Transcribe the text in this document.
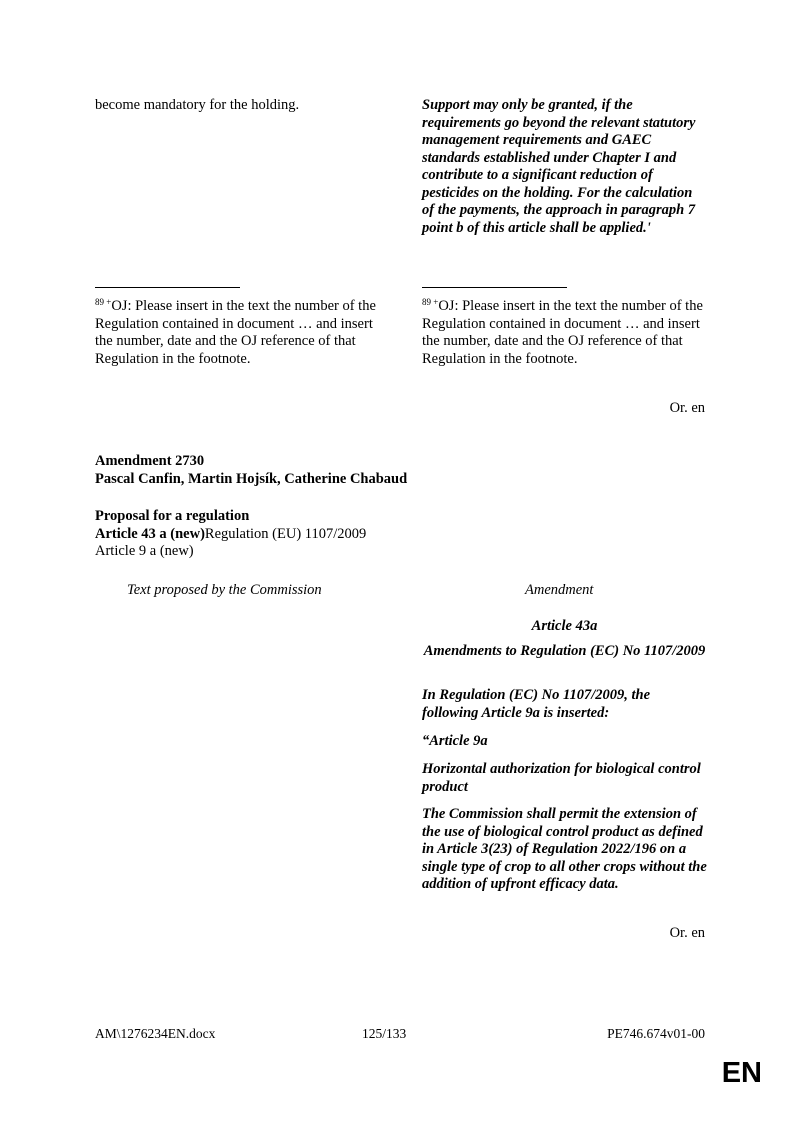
become mandatory for the holding.	Support may only be granted, if the requirements go beyond the relevant statutory management requirements and GAEC standards established under Chapter I and contribute to a significant reduction of pesticides on the holding. For the calculation of the payments, the approach in paragraph 7 point b of this article shall be applied.'

$^{89 +}$OJ: Please insert in the text the number of the Regulation contained in document … and insert the number, date and the OJ reference of that Regulation in the footnote.

$^{89 +}$OJ: Please insert in the text the number of the Regulation contained in document … and insert the number, date and the OJ reference of that Regulation in the footnote.

Or. en

Amendment 2730

Pascal Canfin, Martin Hojsík, Catherine Chabaud

Proposal for a regulation

Article 43 a (new)Regulation (EU) 1107/2009

Article 9 a (new)

Text proposed by the Commission	Amendment

Article 43a

Amendments to Regulation (EC) No 1107/2009

In Regulation (EC) No 1107/2009, the following Article 9a is inserted:

“Article 9a

Horizontal authorization for biological control product

The Commission shall permit the extension of the use of biological control product as defined in Article 3(23) of Regulation 2022/196 on a single type of crop to all other crops without the addition of upfront efficacy data.

Or. en

AM\1276234EN.docx	125/133	PE746.674v01-00

EN
